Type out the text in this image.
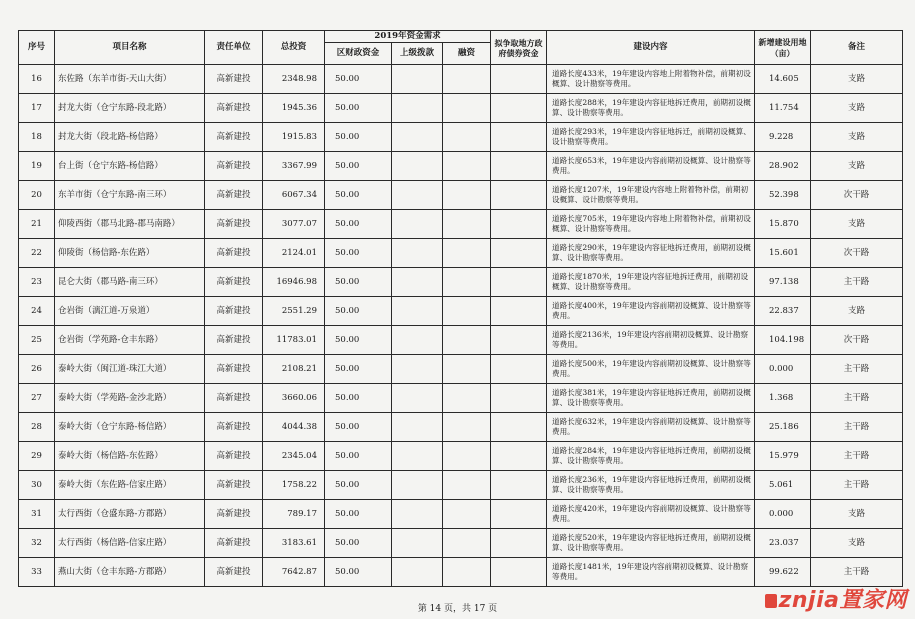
序号	项目名称	责任单位	总投资	2019年资金需求			拟争取地方政府债券资金	建设内容	新增建设用地（亩）	备注
				区财政资金	上级拨款	融资				
16	东佐路（东羊市街-天山大街）	高新建投	2348.98	50.00				道路长度433米，19年建设内容地上附着物补偿，前期初设概算、设计勘察等费用。	14.605	支路
17	封龙大街（仓宁东路-段北路）	高新建投	1945.36	50.00				道路长度288米，19年建设内容征地拆迁费用，前期初设概算、设计勘察等费用。	11.754	支路
18	封龙大街（段北路-杨信路）	高新建投	1915.83	50.00				道路长度293米，19年建设内容征地拆迁，前期初设概算、设计勘察等费用。	9.228	支路
19	台上街（仓宁东路-杨信路）	高新建投	3367.99	50.00				道路长度653米，19年建设内容前期初设概算、设计勘察等费用。	28.902	支路
20	东羊市街（仓宁东路-南三环）	高新建投	6067.34	50.00				道路长度1207米，19年建设内容地上附着物补偿，前期初设概算、设计勘察等费用。	52.398	次干路
21	仰陵西街（郡马北路-郡马南路）	高新建投	3077.07	50.00				道路长度705米，19年建设内容地上附着物补偿，前期初设概算、设计勘察等费用。	15.870	支路
22	仰陵街（杨信路-东佐路）	高新建投	2124.01	50.00				道路长度290米，19年建设内容征地拆迁费用，前期初设概算、设计勘察等费用。	15.601	次干路
23	昆仑大街（郡马路-南三环）	高新建投	16946.98	50.00				道路长度1870米，19年建设内容征地拆迁费用，前期初设概算、设计勘察等费用。	97.138	主干路
24	仓岩街（漓江道-万泉道）	高新建投	2551.29	50.00				道路长度400米，19年建设内容前期初设概算、设计勘察等费用。	22.837	支路
25	仓岩街（学苑路-仓丰东路）	高新建投	11783.01	50.00				道路长度2136米，19年建设内容前期初设概算、设计勘察等费用。	104.198	次干路
26	泰岭大街（闽江道-珠江大道）	高新建投	2108.21	50.00				道路长度500米，19年建设内容前期初设概算、设计勘察等费用。	0.000	主干路
27	泰岭大街（学苑路-金沙北路）	高新建投	3660.06	50.00				道路长度381米，19年建设内容征地拆迁费用，前期初设概算、设计勘察等费用。	1.368	主干路
28	泰岭大街（仓宁东路-杨信路）	高新建投	4044.38	50.00				道路长度632米，19年建设内容前期初设概算、设计勘察等费用。	25.186	主干路
29	泰岭大街（杨信路-东佐路）	高新建投	2345.04	50.00				道路长度284米，19年建设内容征地拆迁费用，前期初设概算、设计勘察等费用。	15.979	主干路
30	泰岭大街（东佐路-信家庄路）	高新建投	1758.22	50.00				道路长度236米，19年建设内容征地拆迁费用，前期初设概算、设计勘察等费用。	5.061	主干路
31	太行西街（仓盛东路-方郡路）	高新建投	789.17	50.00				道路长度420米，19年建设内容前期初设概算、设计勘察等费用。	0.000	支路
32	太行西街（杨信路-信家庄路）	高新建投	3183.61	50.00				道路长度520米，19年建设内容征地拆迁费用，前期初设概算、设计勘察等费用。	23.037	支路
33	燕山大街（仓丰东路-方郡路）	高新建投	7642.87	50.00				道路长度1481米，19年建设内容前期初设概算、设计勘察等费用。	99.622	主干路
第 14 页，共 17 页	znjia置家网
